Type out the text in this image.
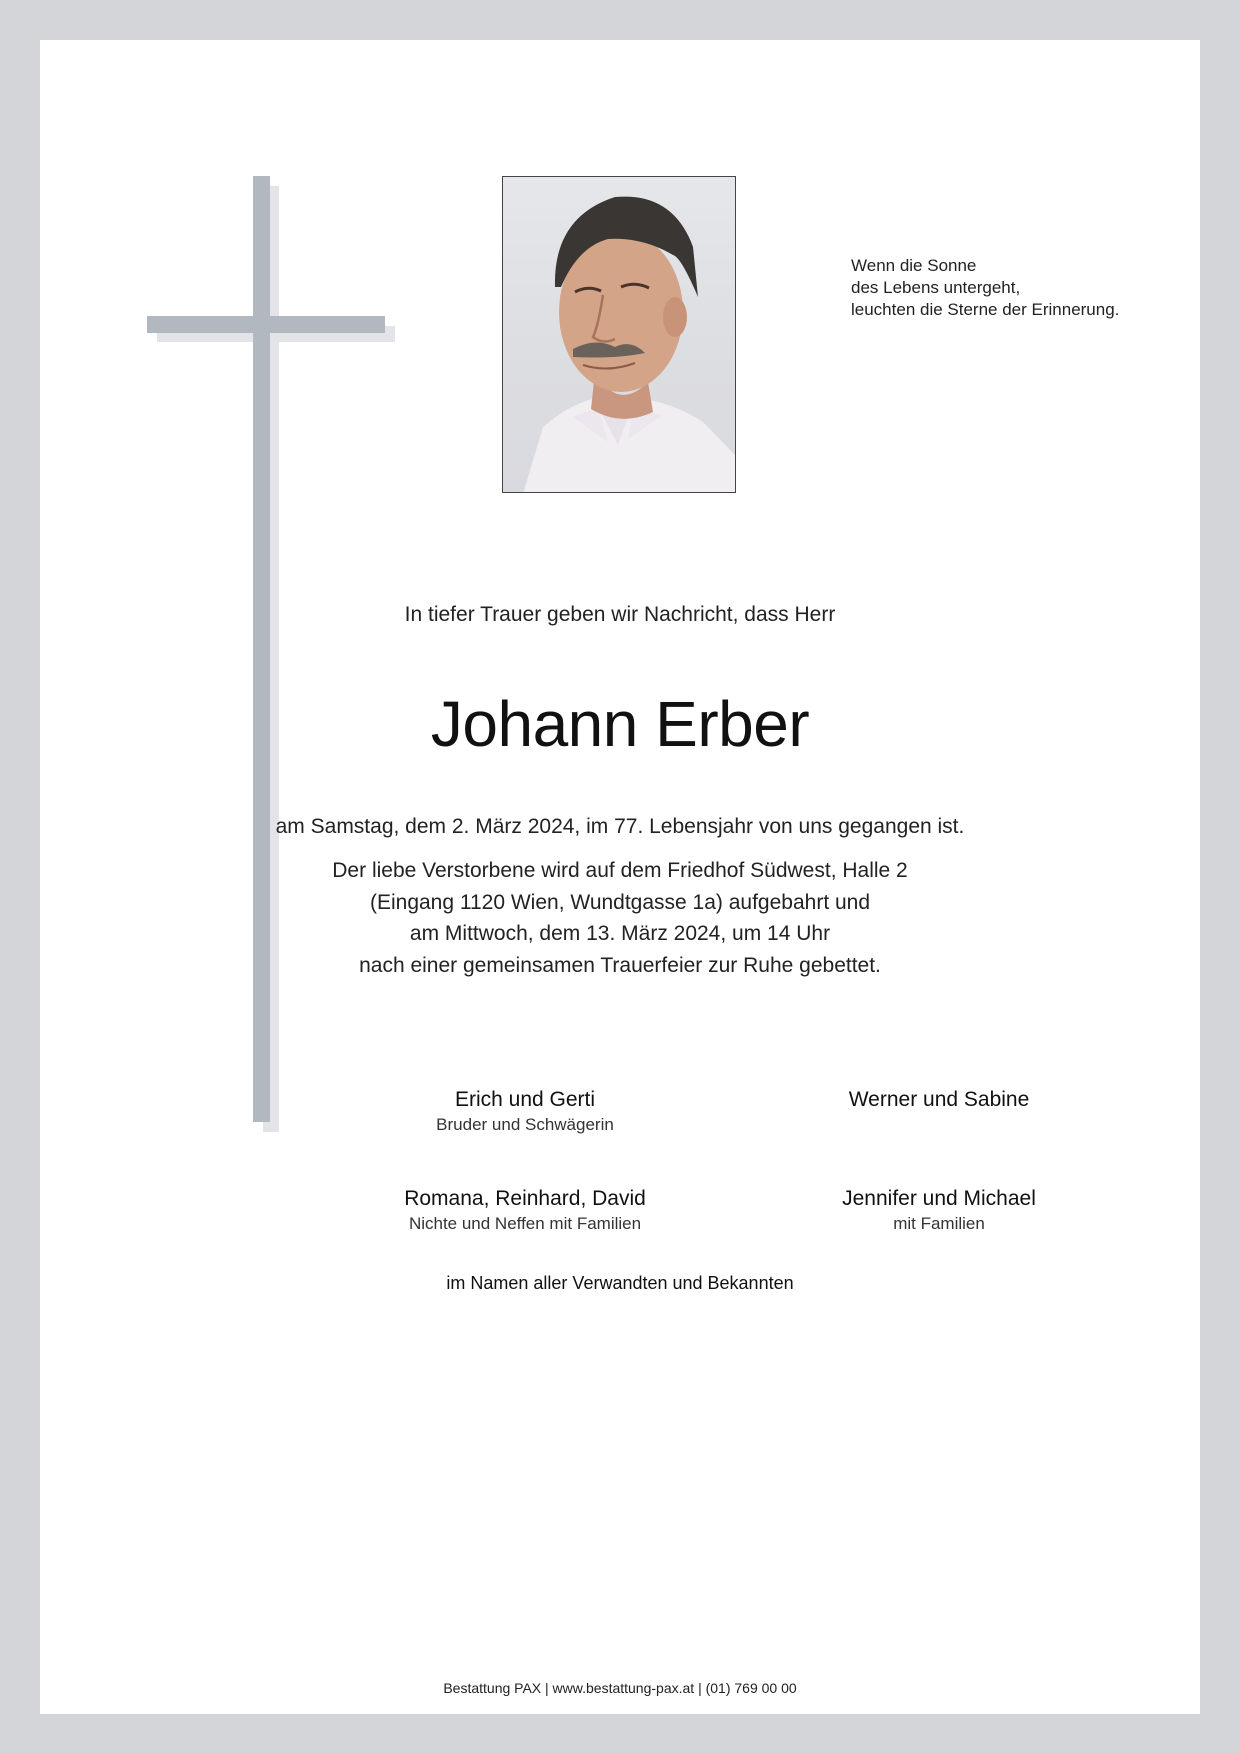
Wenn die Sonne
des Lebens untergeht,
leuchten die Sterne der Erinnerung.
In tiefer Trauer geben wir Nachricht, dass Herr
Johann Erber
am Samstag, dem 2. März 2024, im 77. Lebensjahr von uns gegangen ist.
Der liebe Verstorbene wird auf dem Friedhof Südwest, Halle 2
(Eingang 1120 Wien, Wundtgasse 1a) aufgebahrt und
am Mittwoch, dem 13. März 2024, um 14 Uhr
nach einer gemeinsamen Trauerfeier zur Ruhe gebettet.
Erich und Gerti
Bruder und Schwägerin
Werner und Sabine
Romana, Reinhard, David
Nichte und Neffen mit Familien
Jennifer und Michael
mit Familien
im Namen aller Verwandten und Bekannten
Bestattung PAX | www.bestattung-pax.at | (01) 769 00 00
